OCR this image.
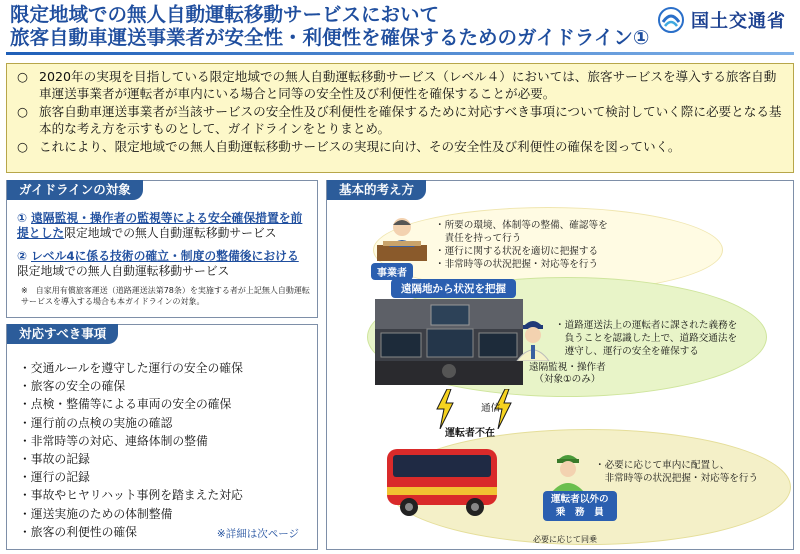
限定地域での無人自動運転移動サービスにおいて
旅客自動車運送事業者が安全性・利便性を確保するためのガイドライン①
国土交通省
○ 2020年の実現を目指している限定地域での無人自動運転移動サービス（レベル４）においては、旅客サービスを導入する旅客自動車運送事業者が運転者が車内にいる場合と同等の安全性及び利便性を確保することが必要。
○ 旅客自動車運送事業者が当該サービスの安全性及び利便性を確保するために対応すべき事項について検討していく際に必要となる基本的な考え方を示すものとして、ガイドラインをとりまとめ。
○ これにより、限定地域での無人自動運転移動サービスの実現に向け、その安全性及び利便性の確保を図っていく。
ガイドラインの対象
① 遠隔監視・操作者の監視等による安全確保措置を前提とした限定地域での無人自動運転移動サービス
② レベル4に係る技術の確立・制度の整備後における
限定地域での無人自動運転移動サービス
※　自家用有償旅客運送（道路運送法第78条）を実施する者が上記無人自動運転サービスを導入する場合も本ガイドラインの対象。
対応すべき事項
・交通ルールを遵守した運行の安全の確保
・旅客の安全の確保
・点検・整備等による車両の安全の確保
・運行前の点検の実施の確認
・非常時等の対応、連絡体制の整備
・事故の記録
・運行の記録
・事故やヒヤリハット事例を踏まえた対応
・運送実施のための体制整備
・旅客の利便性の確保	※詳細は次ページ
基本的考え方
・所要の環境、体制等の整備、確認等を
　責任を持って行う
・運行に関する状況を適切に把握する
・非常時等の状況把握・対応等を行う
事業者
遠隔地から状況を把握
・道路運送法上の運転者に課された義務を
　負うことを認識した上で、道路交通法を
　遵守し、運行の安全を確保する
遠隔監視・操作者
（対象①のみ）
通信
運転者不在
・必要に応じて車内に配置し、
　非常時等の状況把握・対応等を行う
運転者以外の
乗　務　員
必要に応じて同乗
